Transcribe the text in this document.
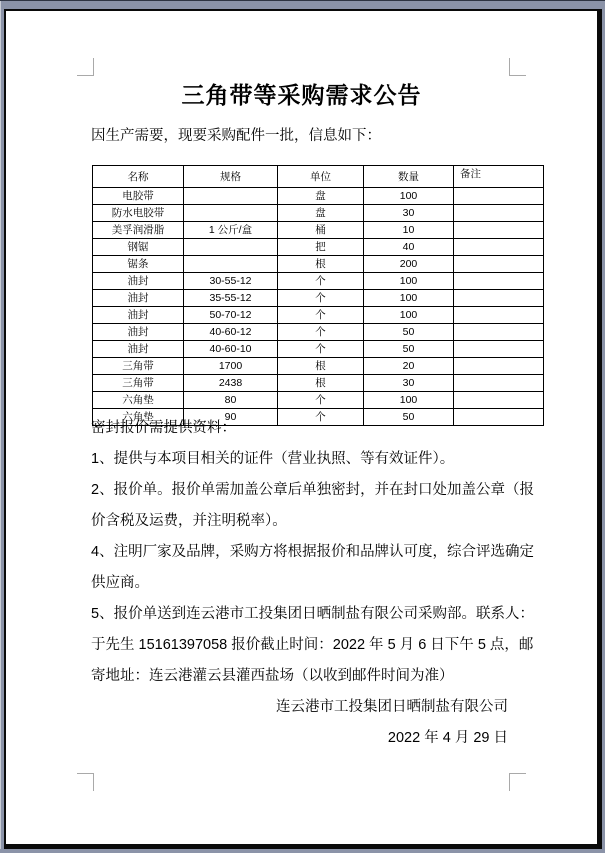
三角带等采购需求公告

因生产需要，现要采购配件一批，信息如下：

名称	规格	单位	数量	备注
电胶带		盘	100	
防水电胶带		盘	30	
美孚润滑脂	1 公斤/盒	桶	10	
钢锯		把	40	
锯条		根	200	
油封	30-55-12	个	100	
油封	35-55-12	个	100	
油封	50-70-12	个	100	
油封	40-60-12	个	50	
油封	40-60-10	个	50	
三角带	1700	根	20	
三角带	2438	根	30	
六角垫	80	个	100	
六角垫	90	个	50	

密封报价需提供资料：

1、提供与本项目相关的证件（营业执照、等有效证件）。

2、报价单。报价单需加盖公章后单独密封，并在封口处加盖公章（报价含税及运费，并注明税率）。

4、注明厂家及品牌，采购方将根据报价和品牌认可度，综合评选确定供应商。

5、报价单送到连云港市工投集团日晒制盐有限公司采购部。联系人：于先生 15161397058 报价截止时间：2022 年 5 月 6 日下午 5 点，邮寄地址：连云港灌云县灌西盐场（以收到邮件时间为准）

连云港市工投集团日晒制盐有限公司

2022 年 4 月 29 日
